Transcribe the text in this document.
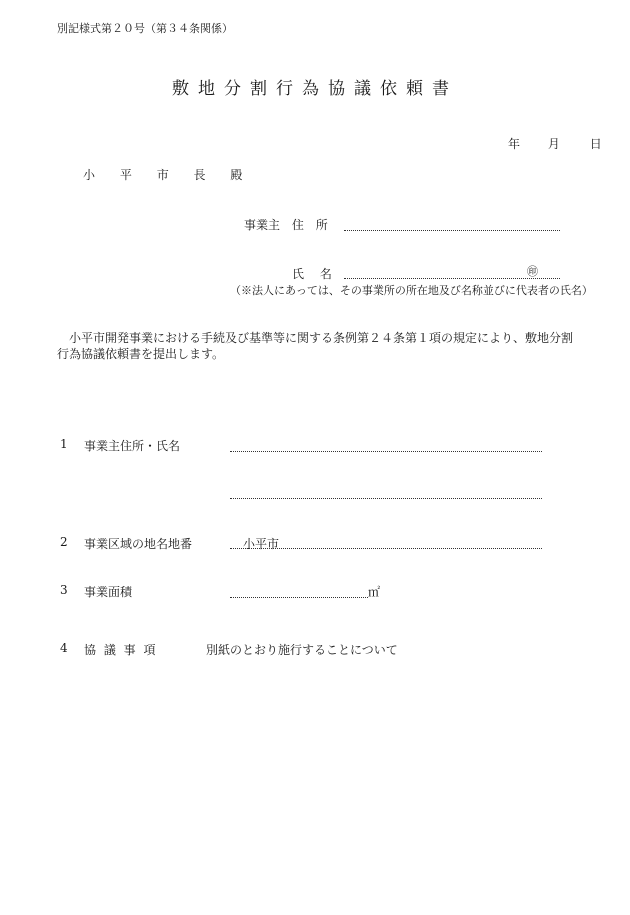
別記様式第２０号（第３４条関係）
敷地分割行為協議依頼書
年 月 日
小 平 市 長 殿
事業主 住 所
氏 名	㊞
（※法人にあっては、その事業所の所在地及び名称並びに代表者の氏名）
小平市開発事業における手続及び基準等に関する条例第２４条第１項の規定により、敷地分割
行為協議依頼書を提出します。
1 事業主住所・氏名
2 事業区域の地名地番	小平市
3 事業面積	㎡
4 協 議 事 項	別紙のとおり施行することについて
